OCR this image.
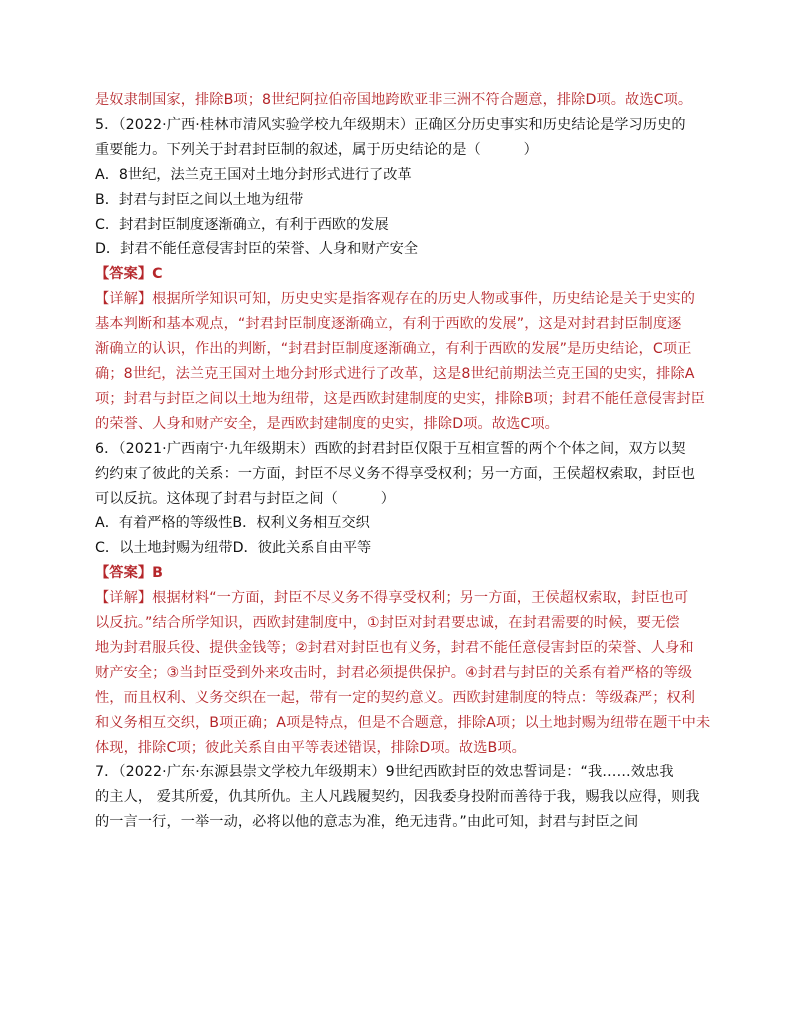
是奴隶制国家，排除B项；8世纪阿拉伯帝国地跨欧亚非三洲不符合题意，排除D项。故选C项。
5．（2022·广西·桂林市清风实验学校九年级期末）正确区分历史事实和历史结论是学习历史的
重要能力。下列关于封君封臣制的叙述，属于历史结论的是（　　　）
A．8世纪，法兰克王国对土地分封形式进行了改革
B．封君与封臣之间以土地为纽带
C．封君封臣制度逐渐确立，有利于西欧的发展
D．封君不能任意侵害封臣的荣誉、人身和财产安全
【答案】C
【详解】根据所学知识可知，历史史实是指客观存在的历史人物或事件，历史结论是关于史实的
基本判断和基本观点，“封君封臣制度逐渐确立，有利于西欧的发展”，这是对封君封臣制度逐
渐确立的认识，作出的判断，“封君封臣制度逐渐确立，有利于西欧的发展”是历史结论，C项正
确；8世纪，法兰克王国对土地分封形式进行了改革，这是8世纪前期法兰克王国的史实，排除A
项；封君与封臣之间以土地为纽带，这是西欧封建制度的史实，排除B项；封君不能任意侵害封臣
的荣誉、人身和财产安全，是西欧封建制度的史实，排除D项。故选C项。
6．（2021·广西南宁·九年级期末）西欧的封君封臣仅限于互相宣誓的两个个体之间，双方以契
约约束了彼此的关系：一方面，封臣不尽义务不得享受权利；另一方面，王侯超权索取，封臣也
可以反抗。这体现了封君与封臣之间（　　　）
A．有着严格的等级性B．权利义务相互交织
C．以土地封赐为纽带D．彼此关系自由平等
【答案】B
【详解】根据材料“一方面，封臣不尽义务不得享受权利；另一方面，王侯超权索取，封臣也可
以反抗。”结合所学知识，西欧封建制度中，①封臣对封君要忠诚，在封君需要的时候，要无偿
地为封君服兵役、提供金钱等；②封君对封臣也有义务，封君不能任意侵害封臣的荣誉、人身和
财产安全；③当封臣受到外来攻击时，封君必须提供保护。④封君与封臣的关系有着严格的等级
性，而且权利、义务交织在一起，带有一定的契约意义。西欧封建制度的特点：等级森严；权利
和义务相互交织，B项正确；A项是特点，但是不合题意，排除A项；以土地封赐为纽带在题干中未
体现，排除C项；彼此关系自由平等表述错误，排除D项。故选B项。
7．（2022·广东·东源县崇文学校九年级期末）9世纪西欧封臣的效忠誓词是：“我……效忠我
的主人， 爱其所爱，仇其所仇。主人凡践履契约，因我委身投附而善待于我，赐我以应得，则我
的一言一行，一举一动，必将以他的意志为准，绝无违背。”由此可知，封君与封臣之间
